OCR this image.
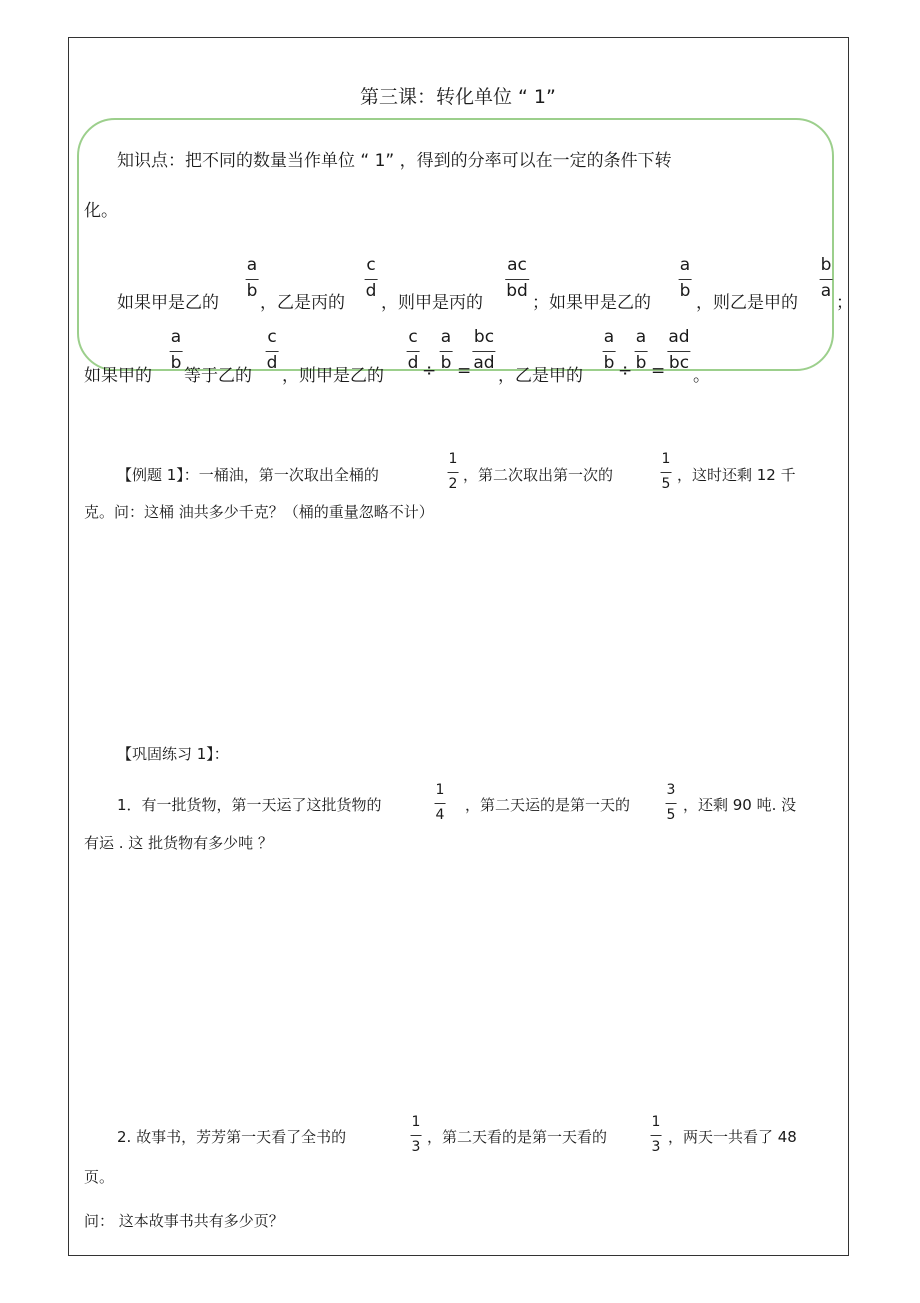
第三课：转化单位 “ 1”
知识点：把不同的数量当作单位 “ 1” ，得到的分率可以在一定的条件下转
化。
如果甲是乙的
a
b
，乙是丙的
c
d
，则甲是丙的
ac
bd
；如果甲是乙的
a
b
，则乙是甲的
b
a
；
如果甲的
a
b
等于乙的
c
d
，则甲是乙的
c
d ÷
a
b =
bc
ad
，乙是甲的
a
b ÷
a
b =
ad
bc
。
【例题 1】：一桶油，第一次取出全桶的
1
2 ，第二次取出第一次的
1
5 ，这时还剩 12 千
克。问：这桶 油共多少千克？（桶的重量忽略不计）
【巩固练习 1】：
1．有一批货物，第一天运了这批货物的
1
4
，第二天运的是第一天的
3
5
，还剩 90 吨. 没
有运 . 这 批货物有多少吨 ？
2. 故事书，芳芳第一天看了全书的
1
3
，第二天看的是第一天看的
1
3
，两天一共看了 48
页。
问： 这本故事书共有多少页？
